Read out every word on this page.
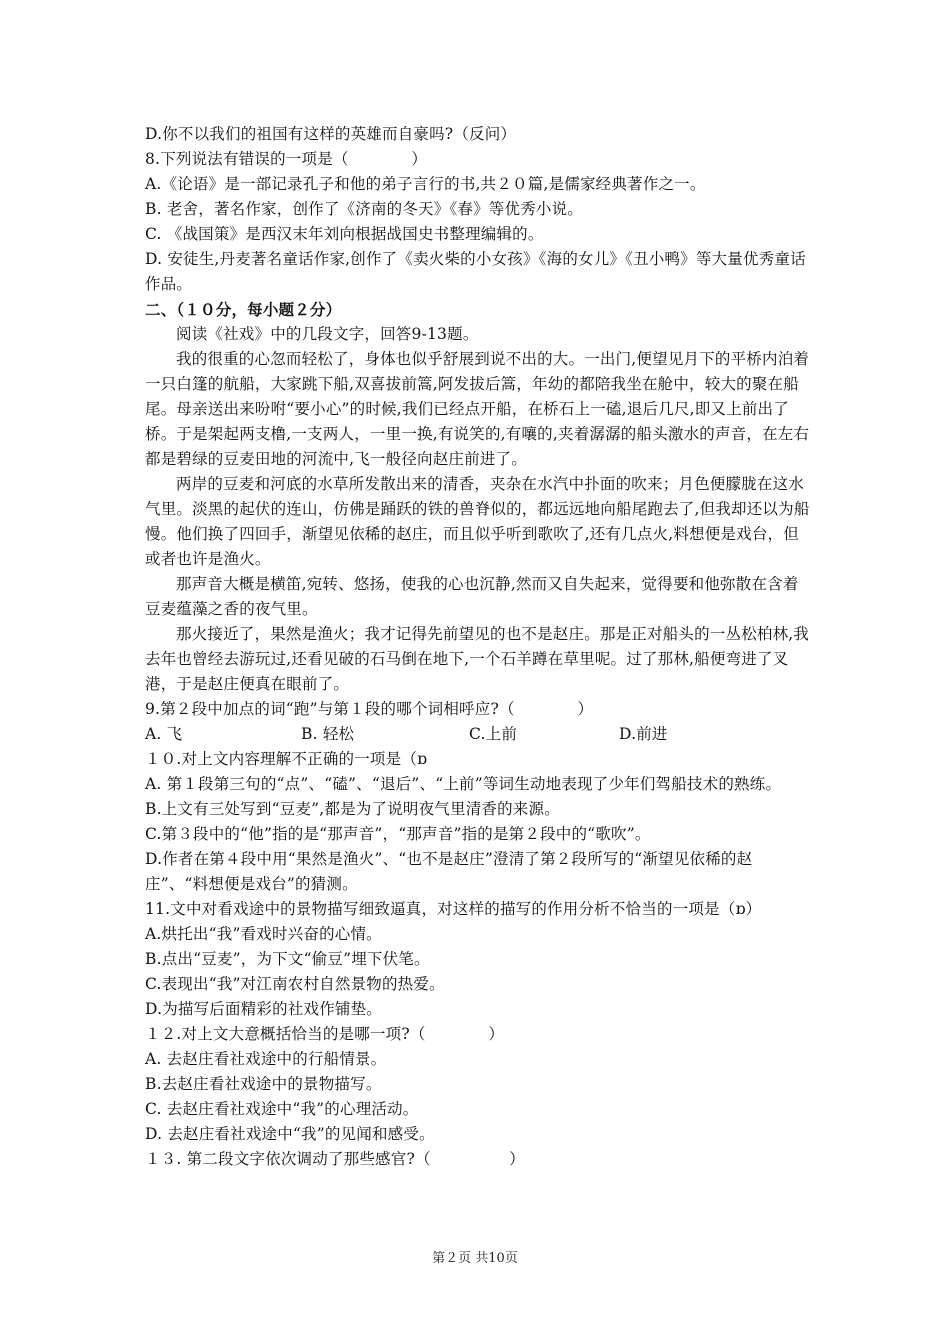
D.你不以我们的祖国有这样的英雄而自豪吗?（反问）

8.下列说法有错误的一项是（　　　　）

A.《论语》是一部记录孔子和他的弟子言行的书,共２０篇,是儒家经典著作之一。

B. 老舍，著名作家，创作了《济南的冬天》《春》等优秀小说。

C. 《战国策》是西汉末年刘向根据战国史书整理编辑的。

D. 安徒生,丹麦著名童话作家,创作了《卖火柴的小女孩》《海的女儿》《丑小鸭》等大量优秀童话作品。

二、（１０分，每小题２分）

阅读《社戏》中的几段文字，回答9-13题。

我的很重的心忽而轻松了，身体也似乎舒展到说不出的大。一出门,便望见月下的平桥内泊着一只白篷的航船，大家跳下船,双喜拔前篙,阿发拔后篙，年幼的都陪我坐在舱中，较大的聚在船尾。母亲送出来吩咐“要小心”的时候,我们已经点开船，在桥石上一磕,退后几尺,即又上前出了桥。于是架起两支橹,一支两人，一里一换,有说笑的,有嚷的,夹着潺潺的船头激水的声音，在左右都是碧绿的豆麦田地的河流中,飞一般径向赵庄前进了。

两岸的豆麦和河底的水草所发散出来的清香，夹杂在水汽中扑面的吹来；月色便朦胧在这水气里。淡黑的起伏的连山，仿佛是踊跃的铁的兽脊似的，都远远地向船尾跑去了,但我却还以为船慢。他们换了四回手，渐望见依稀的赵庄，而且似乎听到歌吹了,还有几点火,料想便是戏台，但或者也许是渔火。

那声音大概是横笛,宛转、悠扬，使我的心也沉静,然而又自失起来，觉得要和他弥散在含着豆麦蕴藻之香的夜气里。

那火接近了，果然是渔火；我才记得先前望见的也不是赵庄。那是正对船头的一丛松柏林,我去年也曾经去游玩过,还看见破的石马倒在地下,一个石羊蹲在草里呢。过了那林,船便弯进了叉港，于是赵庄便真在眼前了。

9.第２段中加点的词“跑”与第１段的哪个词相呼应?（　　　　）

A. 飞	B. 轻松	C.上前	D.前进

１０.对上文内容理解不正确的一项是（ɒ

A. 第１段第三句的“点”、“磕”、“退后”、“上前”等词生动地表现了少年们驾船技术的熟练。

B.上文有三处写到“豆麦”,都是为了说明夜气里清香的来源。

C.第３段中的“他”指的是“那声音”，“那声音”指的是第２段中的“歌吹”。

D.作者在第４段中用“果然是渔火”、“也不是赵庄”澄清了第２段所写的“渐望见依稀的赵庄”、“料想便是戏台”的猜测。

11.文中对看戏途中的景物描写细致逼真，对这样的描写的作用分析不恰当的一项是（ɒ）

A.烘托出“我”看戏时兴奋的心情。

B.点出“豆麦”，为下文“偷豆”埋下伏笔。

C.表现出“我”对江南农村自然景物的热爱。

D.为描写后面精彩的社戏作铺垫。

１２.对上文大意概括恰当的是哪一项?（　　　　）

A. 去赵庄看社戏途中的行船情景。

B.去赵庄看社戏途中的景物描写。

C. 去赵庄看社戏途中“我”的心理活动。

D. 去赵庄看社戏途中“我”的见闻和感受。

１３. 第二段文字依次调动了那些感官?（　　　　　）

第２页 共10页
